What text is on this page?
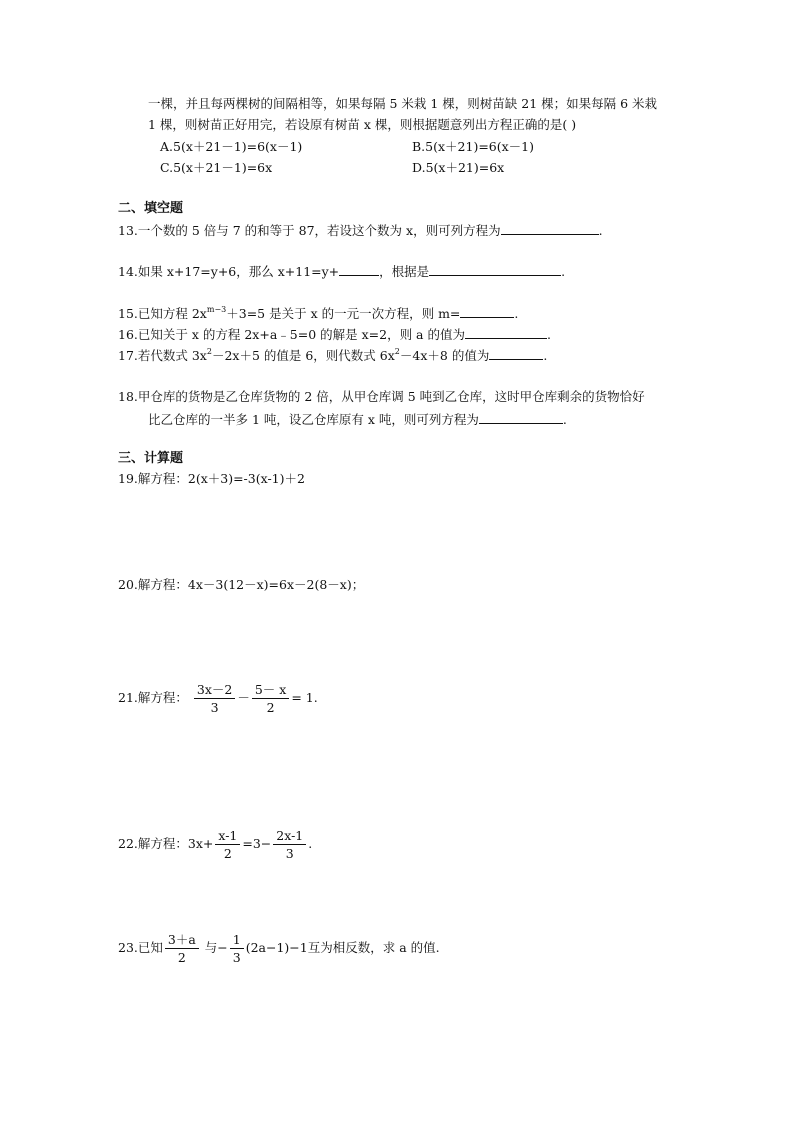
一棵，并且每两棵树的间隔相等，如果每隔 5 米栽 1 棵，则树苗缺 21 棵；如果每隔 6 米栽
1 棵，则树苗正好用完，若设原有树苗 x 棵，则根据题意列出方程正确的是( )
A.5(x＋21－1)=6(x－1)	B.5(x＋21)=6(x－1)
C.5(x＋21－1)=6x	D.5(x＋21)=6x
二、填空题
13.一个数的 5 倍与 7 的和等于 87，若设这个数为 x，则可列方程为	.
14.如果 x+17=y+6，那么 x+11=y+	，根据是	.
15.已知方程 $2x^{m-3}+3=5$ 是关于 x 的一元一次方程，则 m=	.
16.已知关于 x 的方程 2x+a﹣5=0 的解是 x=2，则 a 的值为	.
17.若代数式 $3x^2-2x+5$ 的值是 6，则代数式 $6x^2-4x+8$ 的值为	.
18.甲仓库的货物是乙仓库货物的 2 倍，从甲仓库调 5 吨到乙仓库，这时甲仓库剩余的货物恰好
比乙仓库的一半多 1 吨，设乙仓库原有 x 吨，则可列方程为	.
三、计算题
19.解方程：2(x＋3)=-3(x-1)＋2
20.解方程：4x－3(12－x)=6x－2(8－x)；
21.解方程： $\frac{3x-2}{3} - \frac{5- x}{2} = 1$.
22.解方程：$3x+ \frac{x-1}{2} =3- \frac{2x-1}{3}$ .
23.已知 $\frac{3+a}{2}$ 与− $\frac{1}{3} (2a-1)-1$互为相反数，求 a 的值.
